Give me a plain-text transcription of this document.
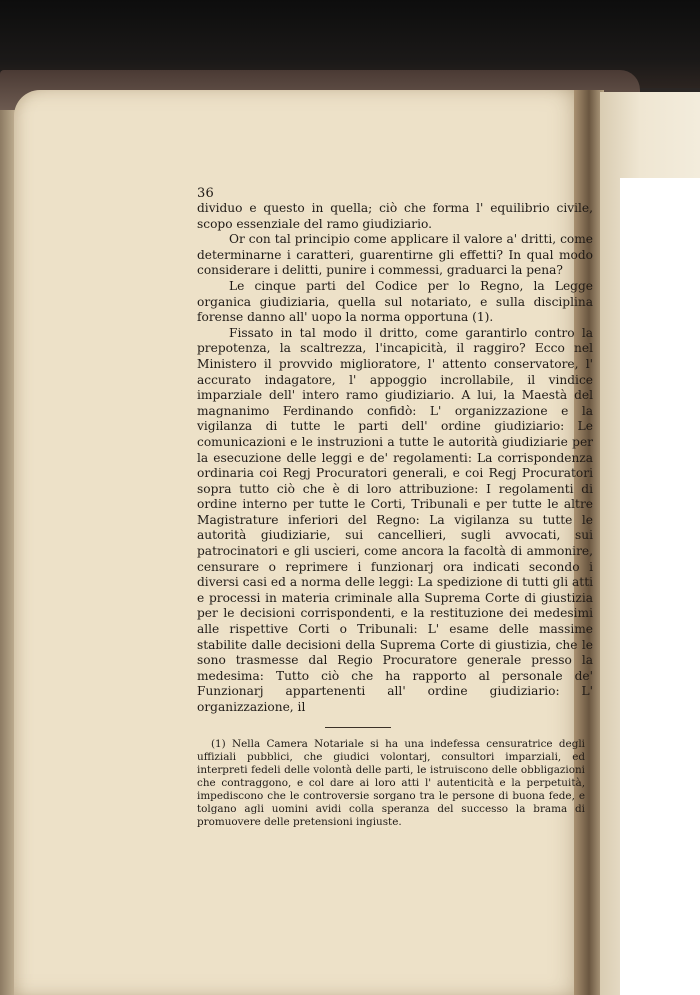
36

dividuo e questo in quella; ciò che forma l' equilibrio civile, scopo essenziale del ramo giudiziario.

Or con tal principio come applicare il valore a' dritti, come determinarne i caratteri, guarentirne gli effetti? In qual modo considerare i delitti, punire i commessi, graduarci la pena?

Le cinque parti del Codice per lo Regno, la Legge organica giudiziaria, quella sul notariato, e sulla disciplina forense danno all' uopo la norma opportuna (1).

Fissato in tal modo il dritto, come garantirlo contro la prepotenza, la scaltrezza, l'incapicità, il raggiro? Ecco nel Ministero il provvido miglioratore, l' attento conservatore, l' accurato indagatore, l' appoggio incrollabile, il vindice imparziale dell' intero ramo giudiziario. A lui, la Maestà del magnanimo Ferdinando confidò: L' organizzazione e la vigilanza di tutte le parti dell' ordine giudiziario: Le comunicazioni e le instruzioni a tutte le autorità giudiziarie per la esecuzione delle leggi e de' regolamenti: La corrispondenza ordinaria coi Regj Procuratori generali, e coi Regj Procuratori sopra tutto ciò che è di loro attribuzione: I regolamenti di ordine interno per tutte le Corti, Tribunali e per tutte le altre Magistrature inferiori del Regno: La vigilanza su tutte le autorità giudiziarie, sui cancellieri, sugli avvocati, sui patrocinatori e gli uscieri, come ancora la facoltà di ammonire, censurare o reprimere i funzionarj ora indicati secondo i diversi casi ed a norma delle leggi: La spedizione di tutti gli atti e processi in materia criminale alla Suprema Corte di giustizia per le decisioni corrispondenti, e la restituzione dei medesimi alle rispettive Corti o Tribunali: L' esame delle massime stabilite dalle decisioni della Suprema Corte di giustizia, che le sono trasmesse dal Regio Procuratore generale presso la medesima: Tutto ciò che ha rapporto al personale de' Funzionarj appartenenti all' ordine giudiziario: L' organizzazione, il

(1) Nella Camera Notariale si ha una indefessa censuratrice degli uffiziali pubblici, che giudici volontarj, consultori imparziali, ed interpreti fedeli delle volontà delle parti, le istruiscono delle obbligazioni che contraggono, e col dare ai loro atti l' autenticità e la perpetuità, impediscono che le controversie sorgano tra le persone di buona fede, e tolgano agli uomini avidi colla speranza del successo la brama di promuovere delle pretensioni ingiuste.
